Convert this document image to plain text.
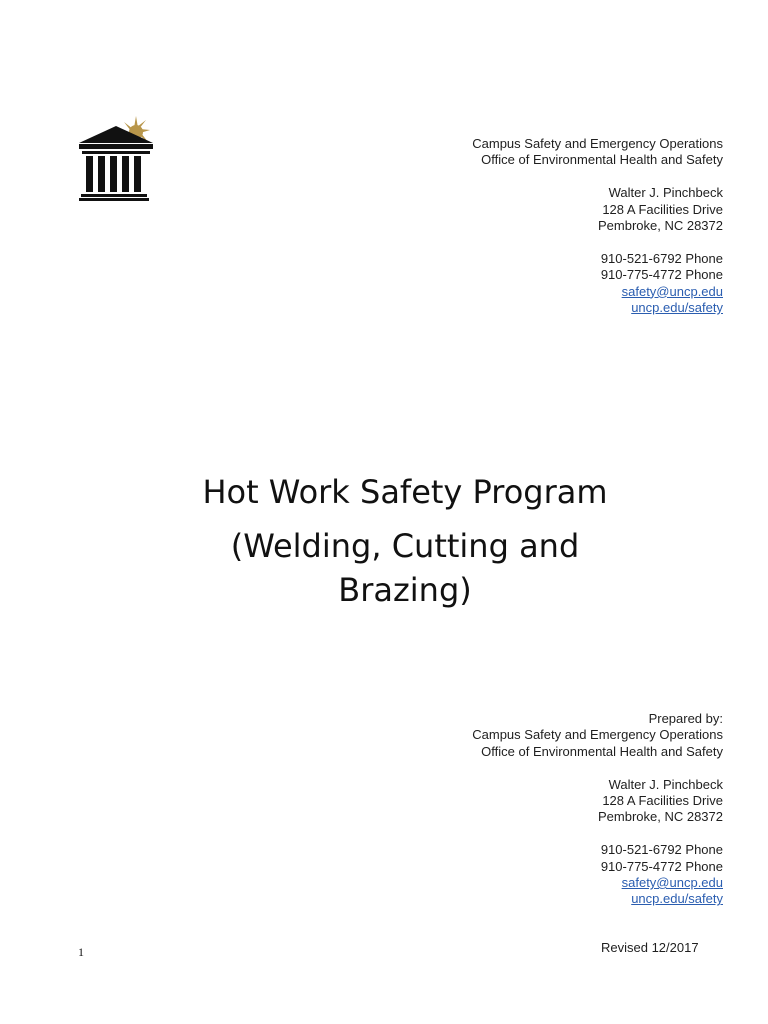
Campus Safety and Emergency Operations
Office of Environmental Health and Safety
Walter J. Pinchbeck
128 A Facilities Drive
Pembroke, NC 28372
910-521-6792 Phone
910-775-4772 Phone
safety@uncp.edu
uncp.edu/safety
Hot Work Safety Program
(Welding, Cutting and Brazing)
Prepared by:
Campus Safety and Emergency Operations
Office of Environmental Health and Safety
Walter J. Pinchbeck
128 A Facilities Drive
Pembroke, NC 28372
910-521-6792 Phone
910-775-4772 Phone
safety@uncp.edu
uncp.edu/safety
1	Revised 12/2017
